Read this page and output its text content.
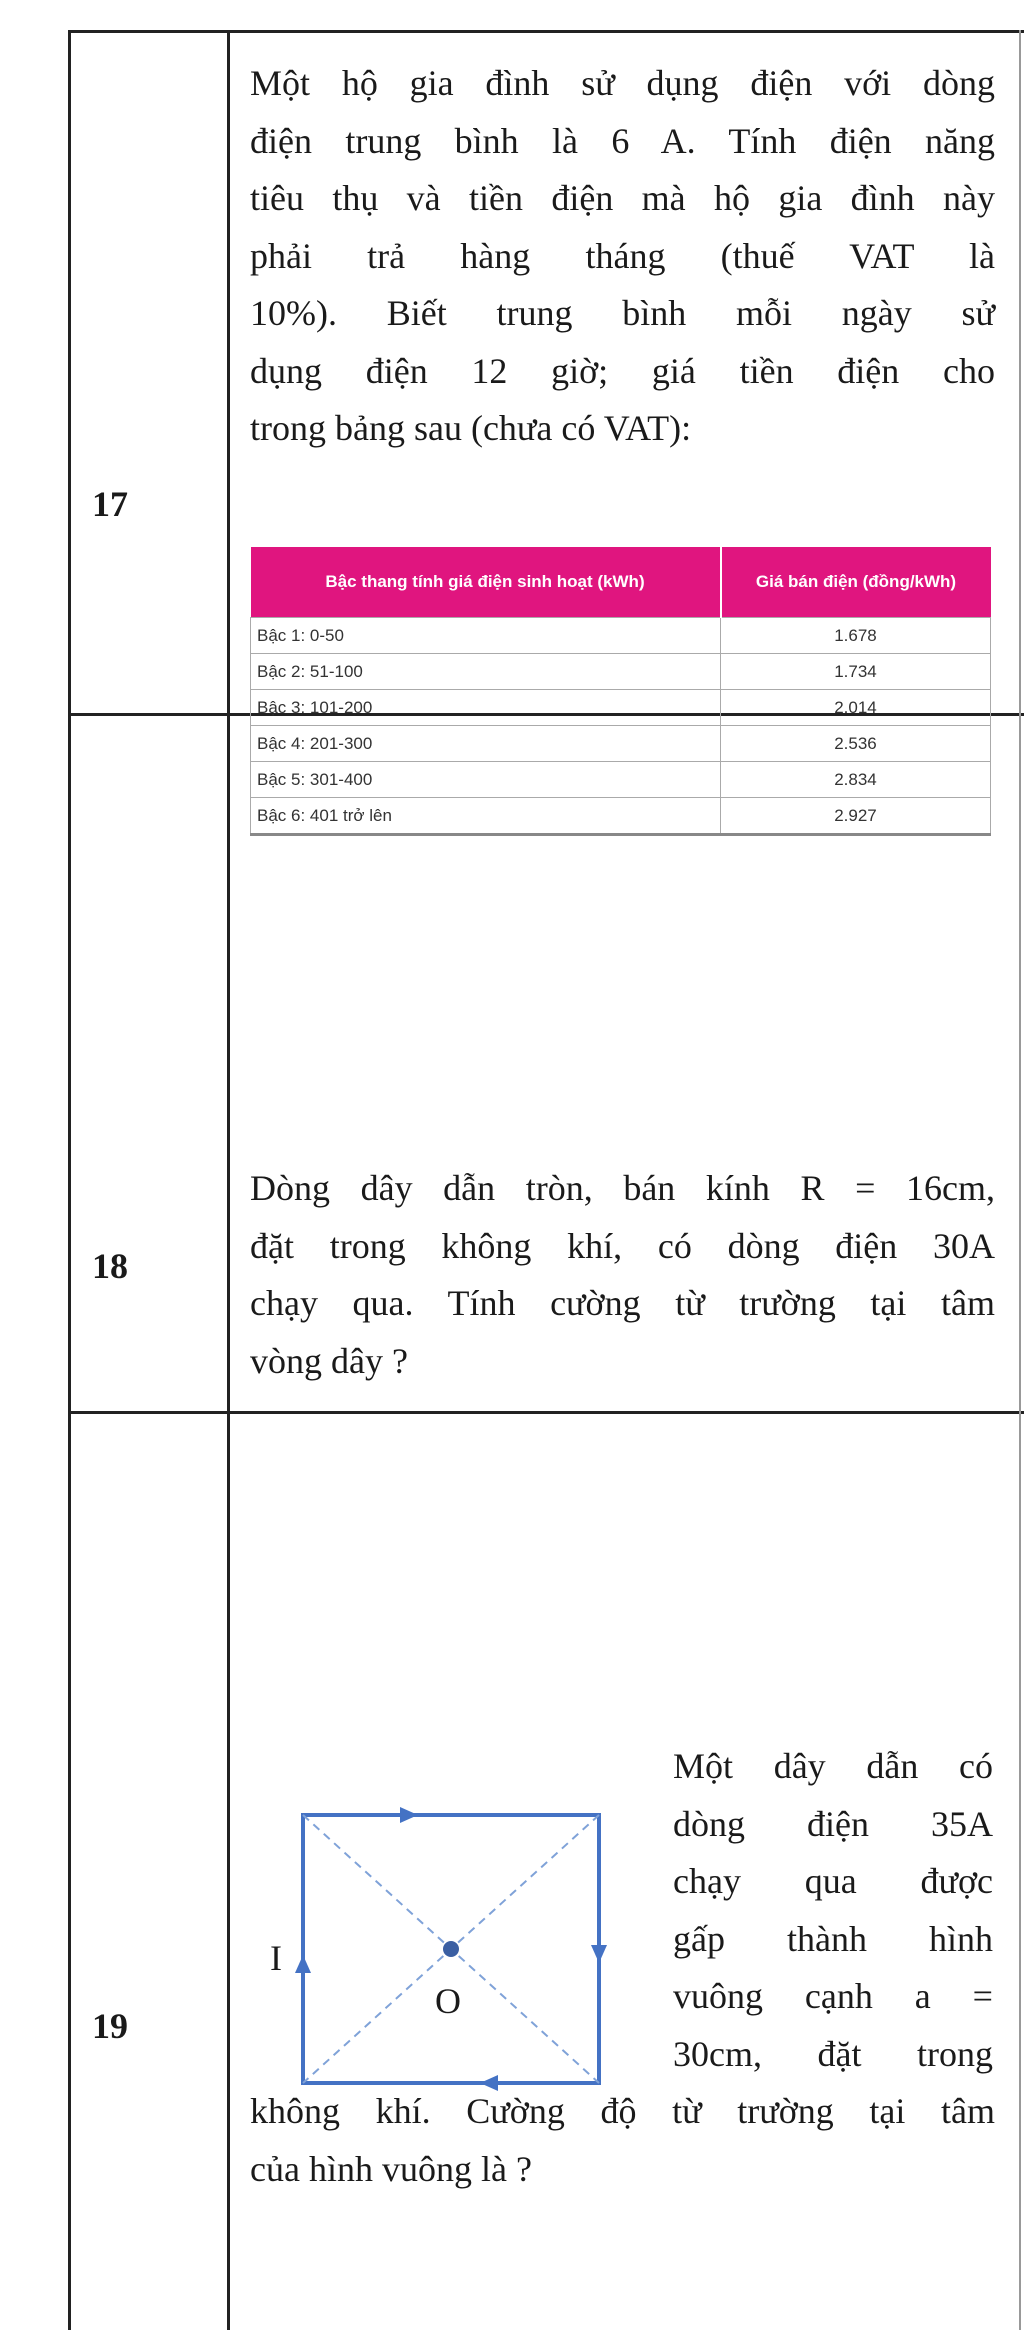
17

Một hộ gia đình sử dụng điện với dòng
điện trung bình là 6 A. Tính điện năng
tiêu thụ và tiền điện mà hộ gia đình này
phải trả hàng tháng (thuế VAT là
10%). Biết trung bình mỗi ngày sử
dụng điện 12 giờ; giá tiền điện cho
trong bảng sau (chưa có VAT):

Bậc thang tính giá điện sinh hoạt (kWh)	Giá bán điện (đồng/kWh)
Bậc 1: 0-50	1.678
Bậc 2: 51-100	1.734
Bậc 3: 101-200	2.014
Bậc 4: 201-300	2.536
Bậc 5: 301-400	2.834
Bậc 6: 401 trở lên	2.927
18

Dòng dây dẫn tròn, bán kính R = 16cm,
đặt trong không khí, có dòng điện 30A
chạy qua. Tính cường từ trường tại tâm
vòng dây ?

19
I
O

Một dây dẫn có
dòng điện 35A
chạy qua được
gấp thành hình
vuông cạnh a =
30cm, đặt trong

không khí. Cường độ từ trường tại tâm
của hình vuông là ?
